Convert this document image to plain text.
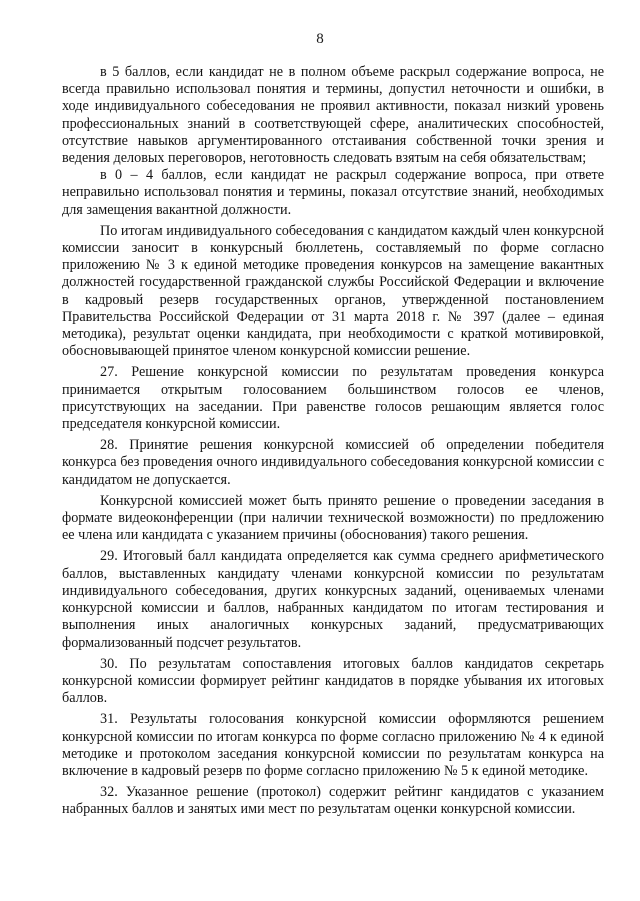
8

в 5 баллов, если кандидат не в полном объеме раскрыл содержание вопроса, не всегда правильно использовал понятия и термины, допустил неточности и ошибки, в ходе индивидуального собеседования не проявил активности, показал низкий уровень профессиональных знаний в соответствующей сфере, аналитических способностей, отсутствие навыков аргументированного отстаивания собственной точки зрения и ведения деловых переговоров, неготовность следовать взятым на себя обязательствам;

в 0 – 4 баллов, если кандидат не раскрыл содержание вопроса, при ответе неправильно использовал понятия и термины, показал отсутствие знаний, необходимых для замещения вакантной должности.

По итогам индивидуального собеседования с кандидатом каждый член конкурсной комиссии заносит в конкурсный бюллетень, составляемый по форме согласно приложению № 3 к единой методике проведения конкурсов на замещение вакантных должностей государственной гражданской службы Российской Федерации и включение в кадровый резерв государственных органов, утвержденной постановлением Правительства Российской Федерации от 31 марта 2018 г. № 397 (далее – единая методика), результат оценки кандидата, при необходимости с краткой мотивировкой, обосновывающей принятое членом конкурсной комиссии решение.

27. Решение конкурсной комиссии по результатам проведения конкурса принимается открытым голосованием большинством голосов ее членов, присутствующих на заседании. При равенстве голосов решающим является голос председателя конкурсной комиссии.

28. Принятие решения конкурсной комиссией об определении победителя конкурса без проведения очного индивидуального собеседования конкурсной комиссии с кандидатом не допускается.

Конкурсной комиссией может быть принято решение о проведении заседания в формате видеоконференции (при наличии технической возможности) по предложению ее члена или кандидата с указанием причины (обоснования) такого решения.

29. Итоговый балл кандидата определяется как сумма среднего арифметического баллов, выставленных кандидату членами конкурсной комиссии по результатам индивидуального собеседования, других конкурсных заданий, оцениваемых членами конкурсной комиссии и баллов, набранных кандидатом по итогам тестирования и выполнения иных аналогичных конкурсных заданий, предусматривающих формализованный подсчет результатов.

30. По результатам сопоставления итоговых баллов кандидатов секретарь конкурсной комиссии формирует рейтинг кандидатов в порядке убывания их итоговых баллов.

31. Результаты голосования конкурсной комиссии оформляются решением конкурсной комиссии по итогам конкурса по форме согласно приложению № 4 к единой методике и протоколом заседания конкурсной комиссии по результатам конкурса на включение в кадровый резерв по форме согласно приложению № 5 к единой методике.

32. Указанное решение (протокол) содержит рейтинг кандидатов с указанием набранных баллов и занятых ими мест по результатам оценки конкурсной комиссии.
